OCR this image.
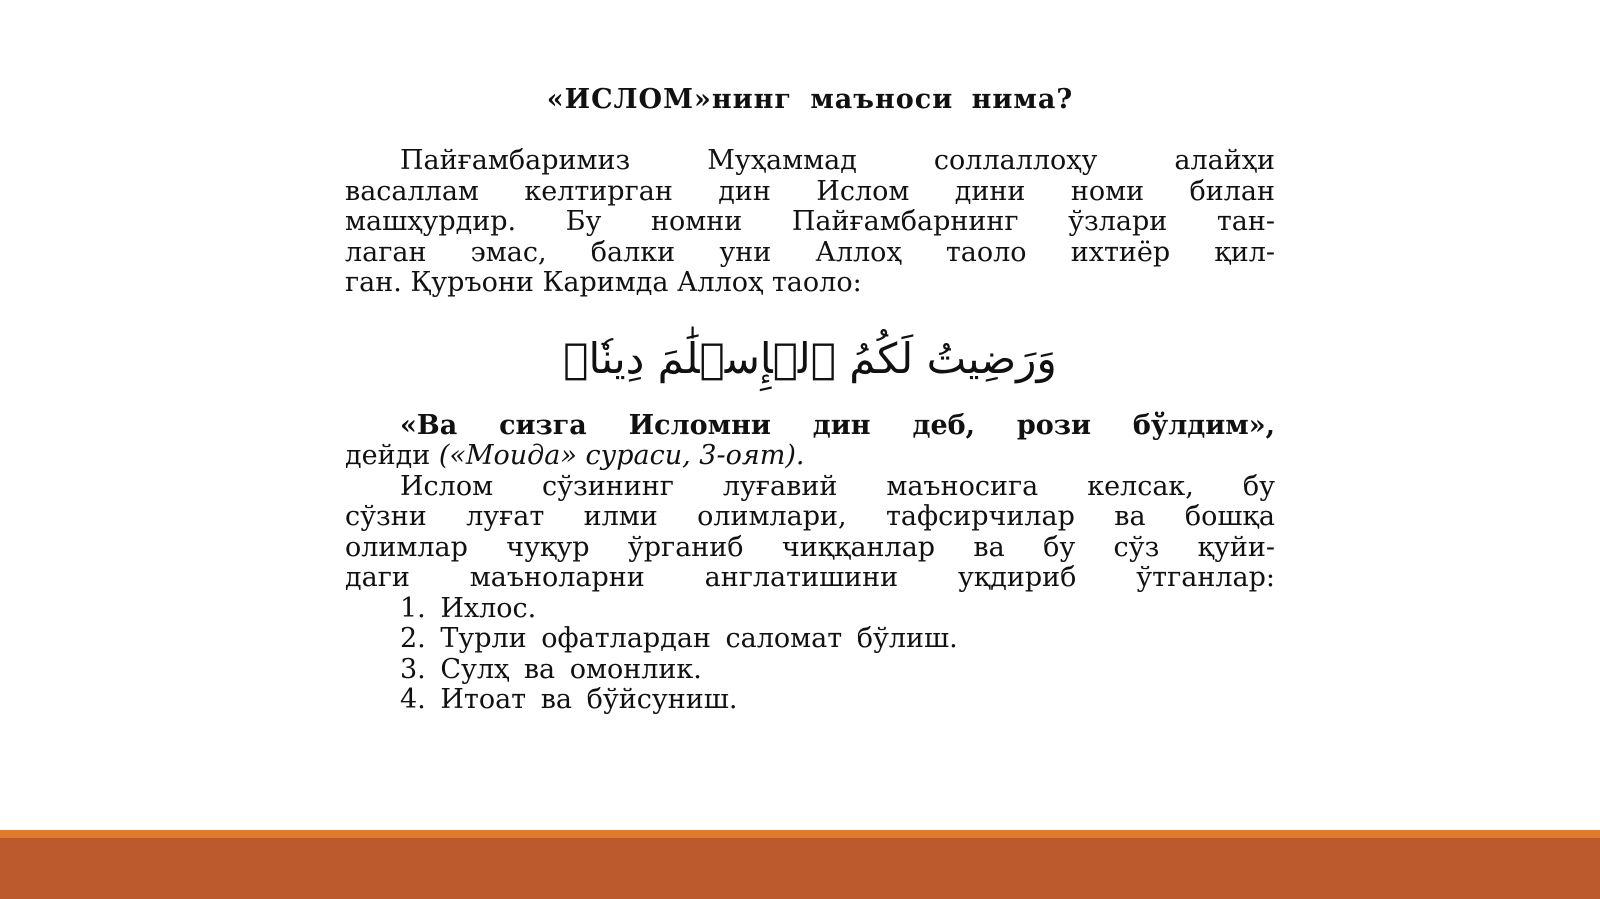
«ИСЛОМ»нинг маъноси нима?
Пайғамбаримиз Муҳаммад соллаллоҳу алайҳи
васаллам келтирган дин Ислом дини номи билан
машҳурдир. Бу номни Пайғамбарнинг ўзлари тан-
лаган эмас, балки уни Аллоҳ таоло ихтиёр қил-
ган. Қуръони Каримда Аллоҳ таоло:
وَرَضِيتُ لَكُمُ ٱلۡإِسۡلَٰمَ دِينٗاۚ
«Ва сизга Исломни дин деб, рози бўлдим»,
дейди («Моида» сураси, 3-оят).
Ислом сўзининг луғавий маъносига келсак, бу
сўзни луғат илми олимлари, тафсирчилар ва бошқа
олимлар чуқур ўрганиб чиққанлар ва бу сўз қуйи-
даги маъноларни англатишини уқдириб ўтганлар:
1. Ихлос.
2. Турли офатлардан саломат бўлиш.
3. Сулҳ ва омонлик.
4. Итоат ва бўйсуниш.
